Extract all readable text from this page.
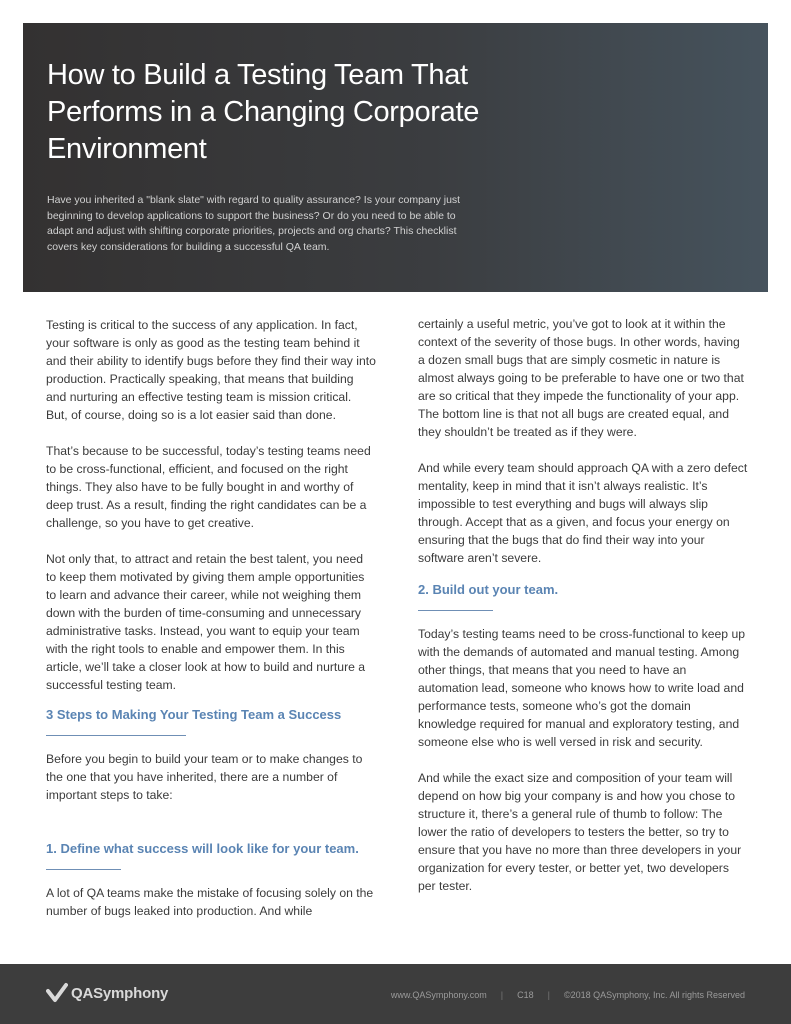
How to Build a Testing Team That Performs in a Changing Corporate Environment

Have you inherited a "blank slate" with regard to quality assurance? Is your company just beginning to develop applications to support the business? Or do you need to be able to adapt and adjust with shifting corporate priorities, projects and org charts? This checklist covers key considerations for building a successful QA team.

Testing is critical to the success of any application. In fact, your software is only as good as the testing team behind it and their ability to identify bugs before they find their way into production. Practically speaking, that means that building and nurturing an effective testing team is mission critical. But, of course, doing so is a lot easier said than done.

That’s because to be successful, today’s testing teams need to be cross-functional, efficient, and focused on the right things. They also have to be fully bought in and worthy of deep trust. As a result, finding the right candidates can be a challenge, so you have to get creative.

Not only that, to attract and retain the best talent, you need to keep them motivated by giving them ample opportunities to learn and advance their career, while not weighing them down with the burden of time-consuming and unnecessary administrative tasks. Instead, you want to equip your team with the right tools to enable and empower them. In this article, we’ll take a closer look at how to build and nurture a successful testing team.

3 Steps to Making Your Testing Team a Success

Before you begin to build your team or to make changes to the one that you have inherited, there are a number of important steps to take:

1. Define what success will look like for your team.

A lot of QA teams make the mistake of focusing solely on the number of bugs leaked into production. And while

certainly a useful metric, you’ve got to look at it within the context of the severity of those bugs. In other words, having a dozen small bugs that are simply cosmetic in nature is almost always going to be preferable to have one or two that are so critical that they impede the functionality of your app. The bottom line is that not all bugs are created equal, and they shouldn’t be treated as if they were.

And while every team should approach QA with a zero defect mentality, keep in mind that it isn’t always realistic. It’s impossible to test everything and bugs will always slip through. Accept that as a given, and focus your energy on ensuring that the bugs that do find their way into your software aren’t severe.

2. Build out your team.

Today’s testing teams need to be cross-functional to keep up with the demands of automated and manual testing. Among other things, that means that you need to have an automation lead, someone who knows how to write load and performance tests, someone who’s got the domain knowledge required for manual and exploratory testing, and someone else who is well versed in risk and security.

And while the exact size and composition of your team will depend on how big your company is and how you chose to structure it, there’s a general rule of thumb to follow: The lower the ratio of developers to testers the better, so try to ensure that you have no more than three developers in your organization for every tester, or better yet, two developers per tester.

QASymphony	www.QASymphony.com | C18 | ©2018 QASymphony, Inc. All rights Reserved
